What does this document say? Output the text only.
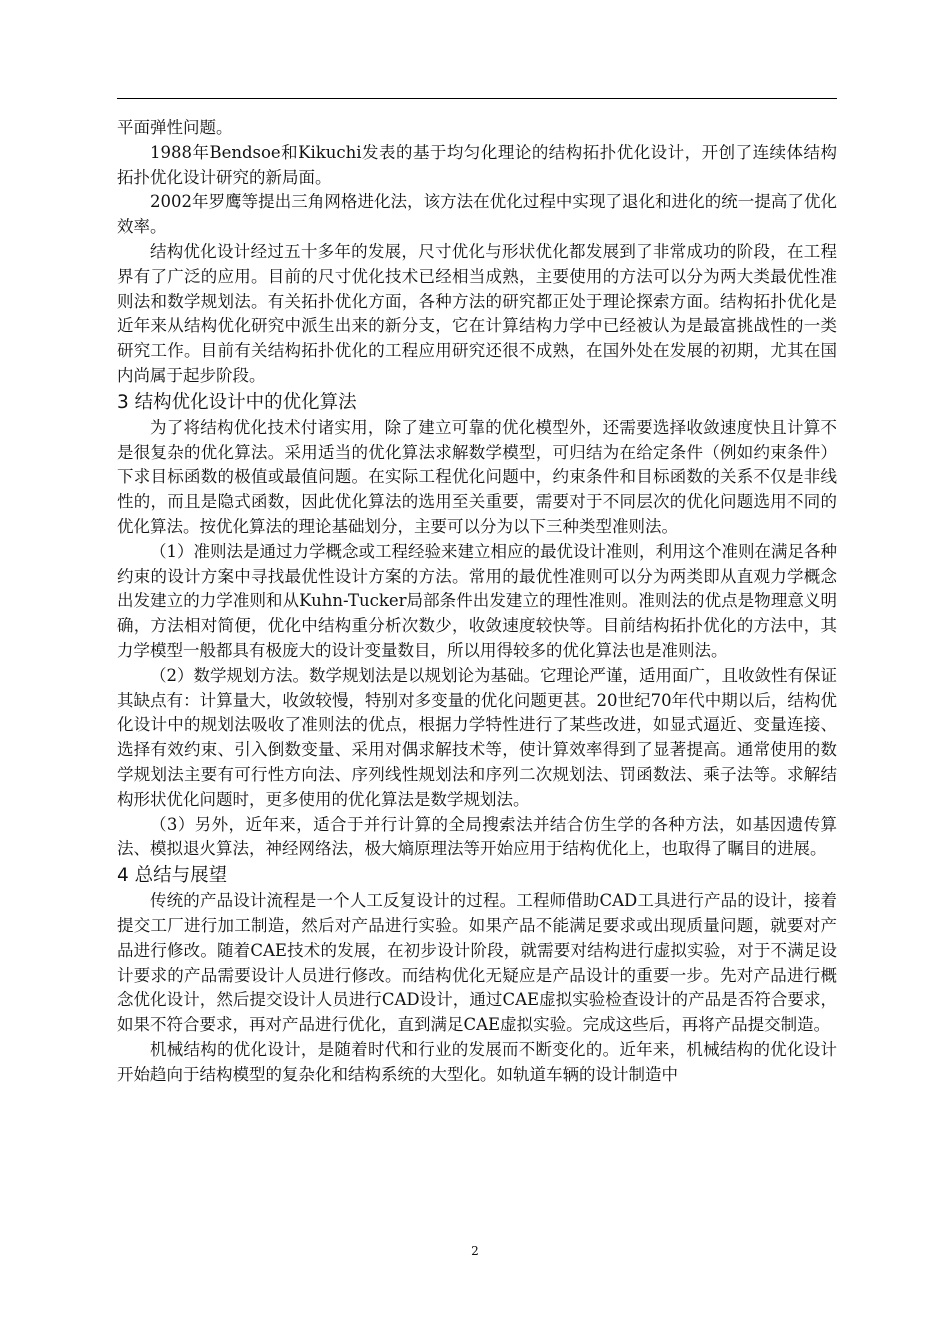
平面弹性问题。

1988年Bendsoe和Kikuchi发表的基于均匀化理论的结构拓扑优化设计，开创了连续体结构拓扑优化设计研究的新局面。

2002年罗鹰等提出三角网格进化法，该方法在优化过程中实现了退化和进化的统一提高了优化效率。

结构优化设计经过五十多年的发展，尺寸优化与形状优化都发展到了非常成功的阶段，在工程界有了广泛的应用。目前的尺寸优化技术已经相当成熟，主要使用的方法可以分为两大类最优性准则法和数学规划法。有关拓扑优化方面，各种方法的研究都正处于理论探索方面。结构拓扑优化是近年来从结构优化研究中派生出来的新分支，它在计算结构力学中已经被认为是最富挑战性的一类研究工作。目前有关结构拓扑优化的工程应用研究还很不成熟，在国外处在发展的初期，尤其在国内尚属于起步阶段。

3 结构优化设计中的优化算法

为了将结构优化技术付诸实用，除了建立可靠的优化模型外，还需要选择收敛速度快且计算不是很复杂的优化算法。采用适当的优化算法求解数学模型，可归结为在给定条件（例如约束条件）下求目标函数的极值或最值问题。在实际工程优化问题中，约束条件和目标函数的关系不仅是非线性的，而且是隐式函数，因此优化算法的选用至关重要，需要对于不同层次的优化问题选用不同的优化算法。按优化算法的理论基础划分，主要可以分为以下三种类型准则法。

（1）准则法是通过力学概念或工程经验来建立相应的最优设计准则，利用这个准则在满足各种约束的设计方案中寻找最优性设计方案的方法。常用的最优性准则可以分为两类即从直观力学概念出发建立的力学准则和从Kuhn-Tucker局部条件出发建立的理性准则。准则法的优点是物理意义明确，方法相对简便，优化中结构重分析次数少，收敛速度较快等。目前结构拓扑优化的方法中，其力学模型一般都具有极庞大的设计变量数目，所以用得较多的优化算法也是准则法。

（2）数学规划方法。数学规划法是以规划论为基础。它理论严谨，适用面广，且收敛性有保证其缺点有：计算量大，收敛较慢，特别对多变量的优化问题更甚。20世纪70年代中期以后，结构优化设计中的规划法吸收了准则法的优点，根据力学特性进行了某些改进，如显式逼近、变量连接、选择有效约束、引入倒数变量、采用对偶求解技术等，使计算效率得到了显著提高。通常使用的数学规划法主要有可行性方向法、序列线性规划法和序列二次规划法、罚函数法、乘子法等。求解结构形状优化问题时，更多使用的优化算法是数学规划法。

（3）另外，近年来，适合于并行计算的全局搜索法并结合仿生学的各种方法，如基因遗传算法、模拟退火算法，神经网络法，极大熵原理法等开始应用于结构优化上，也取得了瞩目的进展。

4 总结与展望

传统的产品设计流程是一个人工反复设计的过程。工程师借助CAD工具进行产品的设计，接着提交工厂进行加工制造，然后对产品进行实验。如果产品不能满足要求或出现质量问题，就要对产品进行修改。随着CAE技术的发展，在初步设计阶段，就需要对结构进行虚拟实验，对于不满足设计要求的产品需要设计人员进行修改。而结构优化无疑应是产品设计的重要一步。先对产品进行概念优化设计，然后提交设计人员进行CAD设计，通过CAE虚拟实验检查设计的产品是否符合要求，如果不符合要求，再对产品进行优化，直到满足CAE虚拟实验。完成这些后，再将产品提交制造。

机械结构的优化设计，是随着时代和行业的发展而不断变化的。近年来，机械结构的优化设计开始趋向于结构模型的复杂化和结构系统的大型化。如轨道车辆的设计制造中

2
